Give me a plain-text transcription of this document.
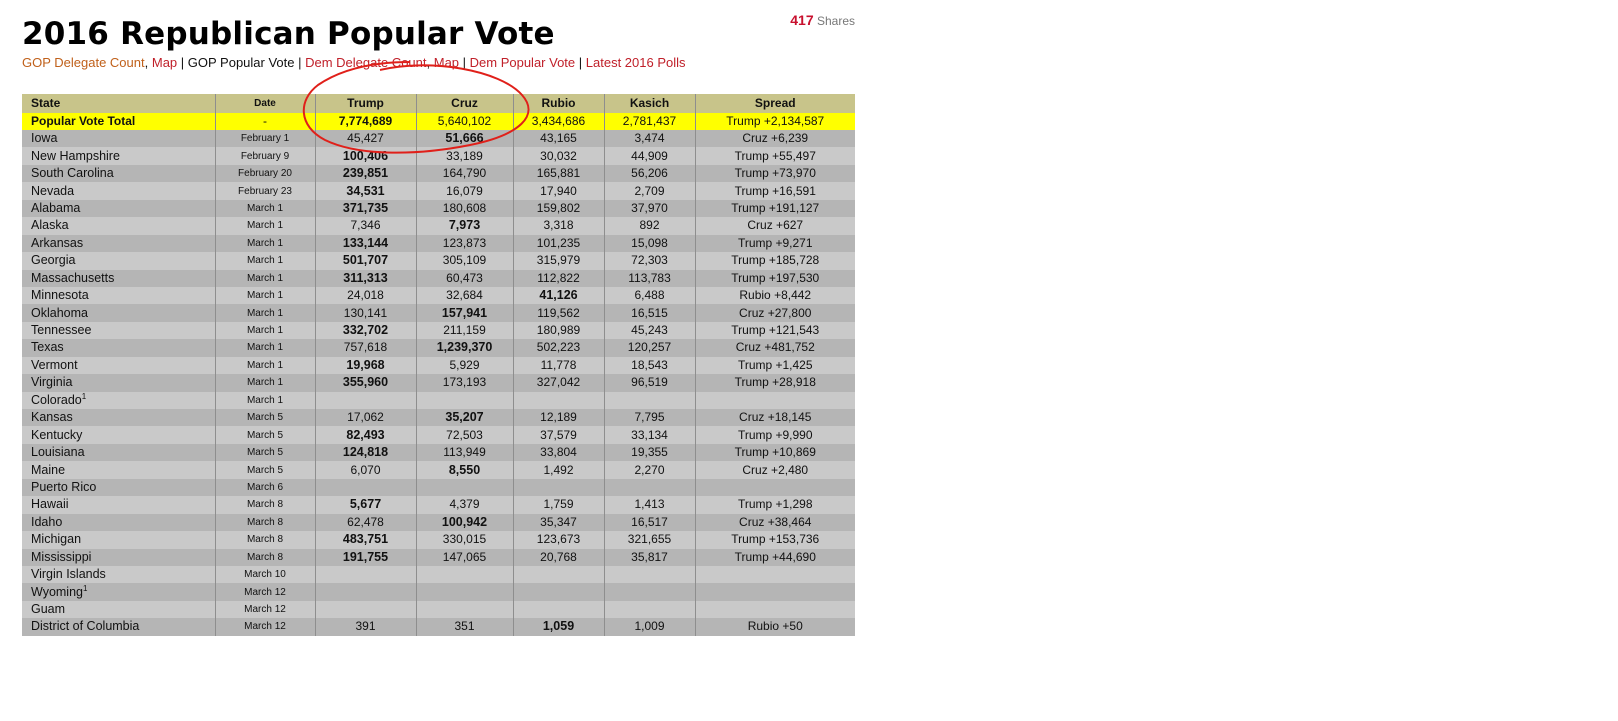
2016 Republican Popular Vote	417 Shares
GOP Delegate Count, Map | GOP Popular Vote | Dem Delegate Count, Map | Dem Popular Vote | Latest 2016 Polls
State	Date	Trump	Cruz	Rubio	Kasich	Spread
Popular Vote Total	-	7,774,689	5,640,102	3,434,686	2,781,437	Trump +2,134,587
Iowa	February 1	45,427	51,666	43,165	3,474	Cruz +6,239
New Hampshire	February 9	100,406	33,189	30,032	44,909	Trump +55,497
South Carolina	February 20	239,851	164,790	165,881	56,206	Trump +73,970
Nevada	February 23	34,531	16,079	17,940	2,709	Trump +16,591
Alabama	March 1	371,735	180,608	159,802	37,970	Trump +191,127
Alaska	March 1	7,346	7,973	3,318	892	Cruz +627
Arkansas	March 1	133,144	123,873	101,235	15,098	Trump +9,271
Georgia	March 1	501,707	305,109	315,979	72,303	Trump +185,728
Massachusetts	March 1	311,313	60,473	112,822	113,783	Trump +197,530
Minnesota	March 1	24,018	32,684	41,126	6,488	Rubio +8,442
Oklahoma	March 1	130,141	157,941	119,562	16,515	Cruz +27,800
Tennessee	March 1	332,702	211,159	180,989	45,243	Trump +121,543
Texas	March 1	757,618	1,239,370	502,223	120,257	Cruz +481,752
Vermont	March 1	19,968	5,929	11,778	18,543	Trump +1,425
Virginia	March 1	355,960	173,193	327,042	96,519	Trump +28,918
Colorado$^1$	March 1					
Kansas	March 5	17,062	35,207	12,189	7,795	Cruz +18,145
Kentucky	March 5	82,493	72,503	37,579	33,134	Trump +9,990
Louisiana	March 5	124,818	113,949	33,804	19,355	Trump +10,869
Maine	March 5	6,070	8,550	1,492	2,270	Cruz +2,480
Puerto Rico	March 6					
Hawaii	March 8	5,677	4,379	1,759	1,413	Trump +1,298
Idaho	March 8	62,478	100,942	35,347	16,517	Cruz +38,464
Michigan	March 8	483,751	330,015	123,673	321,655	Trump +153,736
Mississippi	March 8	191,755	147,065	20,768	35,817	Trump +44,690
Virgin Islands	March 10					
Wyoming$^1$	March 12					
Guam	March 12					
District of Columbia	March 12	391	351	1,059	1,009	Rubio +50
